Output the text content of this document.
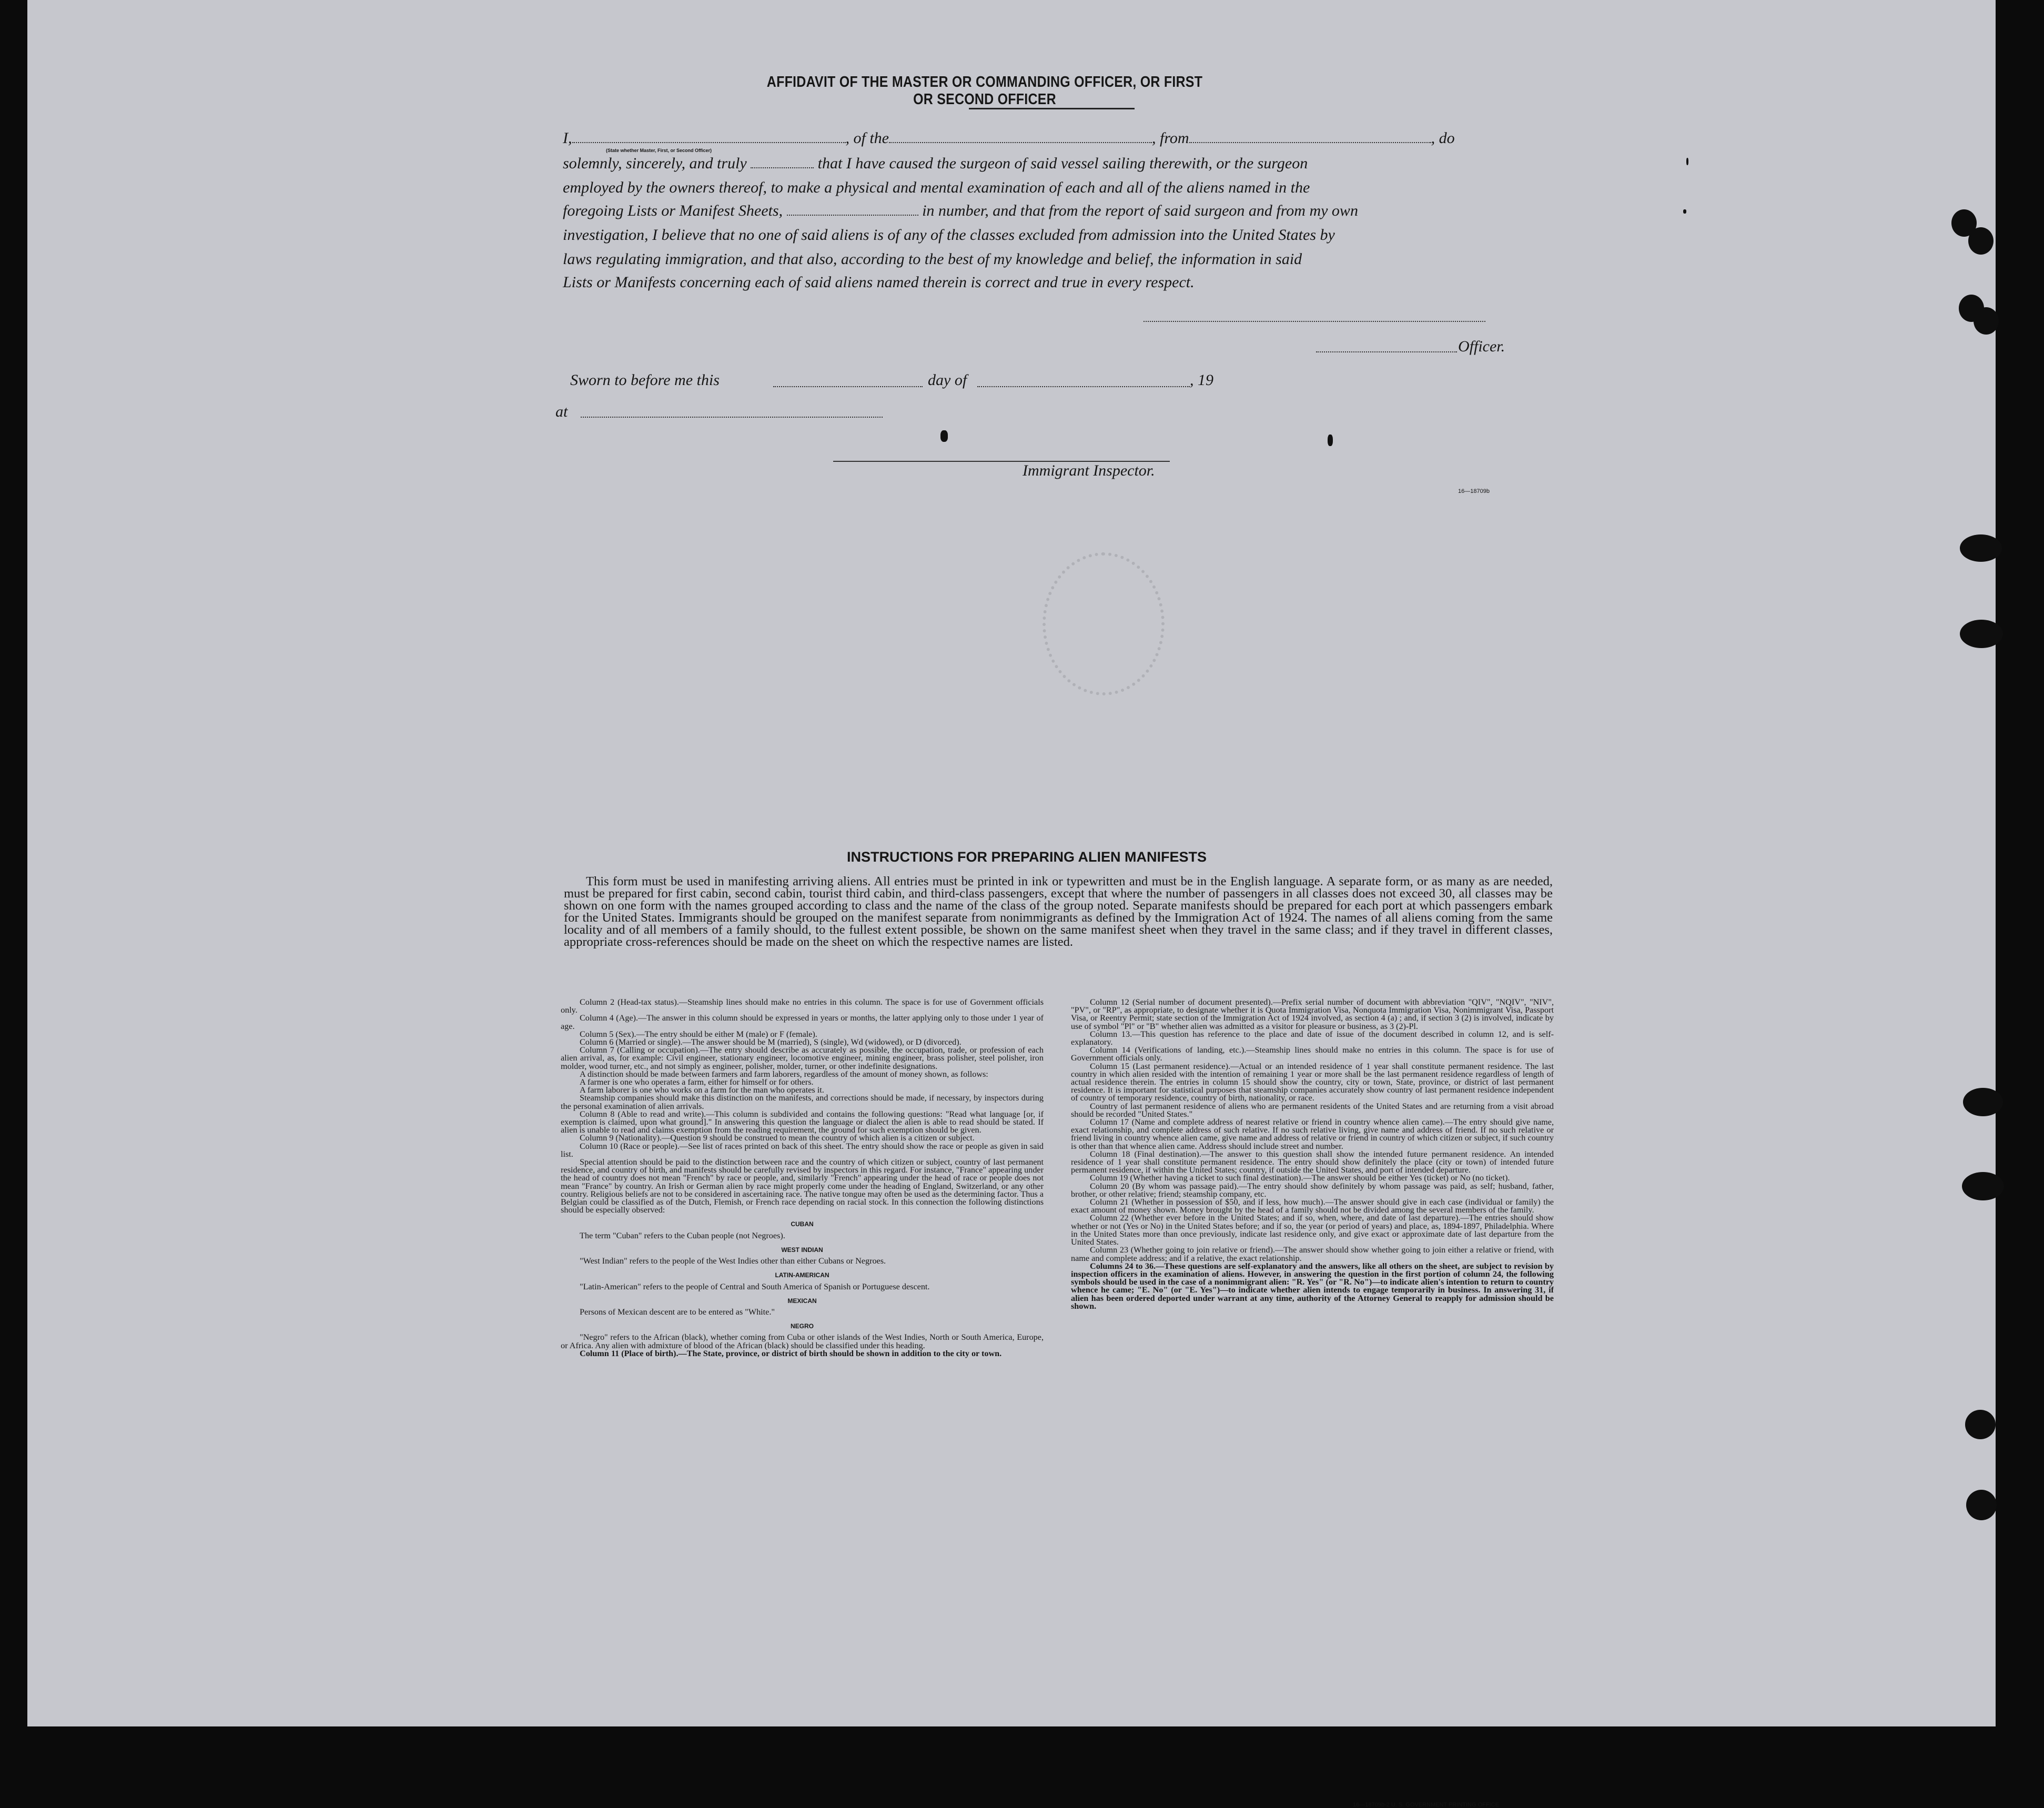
AFFIDAVIT OF THE MASTER OR COMMANDING OFFICER, OR FIRST OR SECOND OFFICER
I,	, of the	, from	, do
(State whether Master, First, or Second Officer)
solemnly, sincerely, and truly	that I have caused the surgeon of said vessel sailing therewith, or the surgeon
employed by the owners thereof, to make a physical and mental examination of each and all of the aliens named in the
foregoing Lists or Manifest Sheets,	in number, and that from the report of said surgeon and from my own
investigation, I believe that no one of said aliens is of any of the classes excluded from admission into the United States by
laws regulating immigration, and that also, according to the best of my knowledge and belief, the information in said
Lists or Manifests concerning each of said aliens named therein is correct and true in every respect.
Officer.
Sworn to before me this	day of	, 19
at
Immigrant Inspector.
16—18709b
INSTRUCTIONS FOR PREPARING ALIEN MANIFESTS

This form must be used in manifesting arriving aliens. All entries must be printed in ink or typewritten and must be in the English language. A separate form, or as many as are needed, must be prepared for first cabin, second cabin, tourist third cabin, and third-class passengers, except that where the number of passengers in all classes does not exceed 30, all classes may be shown on one form with the names grouped according to class and the name of the class of the group noted. Separate manifests should be prepared for each port at which passengers embark for the United States. Immigrants should be grouped on the manifest separate from nonimmigrants as defined by the Immigration Act of 1924. The names of all aliens coming from the same locality and of all members of a family should, to the fullest extent possible, be shown on the same manifest sheet when they travel in the same class; and if they travel in different classes, appropriate cross-references should be made on the sheet on which the respective names are listed.

Column 2 (Head-tax status).—Steamship lines should make no entries in this column. The space is for use of Government officials only.

Column 4 (Age).—The answer in this column should be expressed in years or months, the latter applying only to those under 1 year of age.

Column 5 (Sex).—The entry should be either M (male) or F (female).

Column 6 (Married or single).—The answer should be M (married), S (single), Wd (widowed), or D (divorced).

Column 7 (Calling or occupation).—The entry should describe as accurately as possible, the occupation, trade, or profession of each alien arrival, as, for example: Civil engineer, stationary engineer, locomotive engineer, mining engineer, brass polisher, steel polisher, iron molder, wood turner, etc., and not simply as engineer, polisher, molder, turner, or other indefinite designations.

A distinction should be made between farmers and farm laborers, regardless of the amount of money shown, as follows:

A farmer is one who operates a farm, either for himself or for others.

A farm laborer is one who works on a farm for the man who operates it.

Steamship companies should make this distinction on the manifests, and corrections should be made, if necessary, by inspectors during the personal examination of alien arrivals.

Column 8 (Able to read and write).—This column is subdivided and contains the following questions: "Read what language [or, if exemption is claimed, upon what ground]." In answering this question the language or dialect the alien is able to read should be stated. If alien is unable to read and claims exemption from the reading requirement, the ground for such exemption should be given.

Column 9 (Nationality).—Question 9 should be construed to mean the country of which alien is a citizen or subject.

Column 10 (Race or people).—See list of races printed on back of this sheet. The entry should show the race or people as given in said list.

Special attention should be paid to the distinction between race and the country of which citizen or subject, country of last permanent residence, and country of birth, and manifests should be carefully revised by inspectors in this regard. For instance, "France" appearing under the head of country does not mean "French" by race or people, and, similarly "French" appearing under the head of race or people does not mean "France" by country. An Irish or German alien by race might properly come under the heading of England, Switzerland, or any other country. Religious beliefs are not to be considered in ascertaining race. The native tongue may often be used as the determining factor. Thus a Belgian could be classified as of the Dutch, Flemish, or French race depending on racial stock. In this connection the following distinctions should be especially observed:

CUBAN

The term "Cuban" refers to the Cuban people (not Negroes).

WEST INDIAN

"West Indian" refers to the people of the West Indies other than either Cubans or Negroes.

LATIN-AMERICAN

"Latin-American" refers to the people of Central and South America of Spanish or Portuguese descent.

MEXICAN

Persons of Mexican descent are to be entered as "White."

NEGRO

"Negro" refers to the African (black), whether coming from Cuba or other islands of the West Indies, North or South America, Europe, or Africa. Any alien with admixture of blood of the African (black) should be classified under this heading.

Column 11 (Place of birth).—The State, province, or district of birth should be shown in addition to the city or town.

Column 12 (Serial number of document presented).—Prefix serial number of document with abbreviation "QIV", "NQIV", "NIV", "PV", or "RP", as appropriate, to designate whether it is Quota Immigration Visa, Nonquota Immigration Visa, Nonimmigrant Visa, Passport Visa, or Reentry Permit; state section of the Immigration Act of 1924 involved, as section 4 (a) ; and, if section 3 (2) is involved, indicate by use of symbol "Pl" or "B" whether alien was admitted as a visitor for pleasure or business, as 3 (2)-Pl.

Column 13.—This question has reference to the place and date of issue of the document described in column 12, and is self-explanatory.

Column 14 (Verifications of landing, etc.).—Steamship lines should make no entries in this column. The space is for use of Government officials only.

Column 15 (Last permanent residence).—Actual or an intended residence of 1 year shall constitute permanent residence. The last country in which alien resided with the intention of remaining 1 year or more shall be the last permanent residence regardless of length of actual residence therein. The entries in column 15 should show the country, city or town, State, province, or district of last permanent residence. It is important for statistical purposes that steamship companies accurately show country of last permanent residence independent of country of temporary residence, country of birth, nationality, or race.

Country of last permanent residence of aliens who are permanent residents of the United States and are returning from a visit abroad should be recorded "United States."

Column 17 (Name and complete address of nearest relative or friend in country whence alien came).—The entry should give name, exact relationship, and complete address of such relative. If no such relative living, give name and address of friend. If no such relative or friend living in country whence alien came, give name and address of relative or friend in country of which citizen or subject, if such country is other than that whence alien came. Address should include street and number.

Column 18 (Final destination).—The answer to this question shall show the intended future permanent residence. An intended residence of 1 year shall constitute permanent residence. The entry should show definitely the place (city or town) of intended future permanent residence, if within the United States; country, if outside the United States, and port of intended departure.

Column 19 (Whether having a ticket to such final destination).—The answer should be either Yes (ticket) or No (no ticket).

Column 20 (By whom was passage paid).—The entry should show definitely by whom passage was paid, as self; husband, father, brother, or other relative; friend; steamship company, etc.

Column 21 (Whether in possession of $50, and if less, how much).—The answer should give in each case (individual or family) the exact amount of money shown. Money brought by the head of a family should not be divided among the several members of the family.

Column 22 (Whether ever before in the United States; and if so, when, where, and date of last departure).—The entries should show whether or not (Yes or No) in the United States before; and if so, the year (or period of years) and place, as, 1894-1897, Philadelphia. Where in the United States more than once previously, indicate last residence only, and give exact or approximate date of last departure from the United States.

Column 23 (Whether going to join relative or friend).—The answer should show whether going to join either a relative or friend, with name and complete address; and if a relative, the exact relationship.

Columns 24 to 36.—These questions are self-explanatory and the answers, like all others on the sheet, are subject to revision by inspection officers in the examination of aliens. However, in answering the question in the first portion of column 24, the following symbols should be used in the case of a nonimmigrant alien: "R. Yes" (or "R. No")—to indicate alien's intention to return to country whence he came; "E. No" (or "E. Yes")—to indicate whether alien intends to engage temporarily in business. In answering 31, if alien has been ordered deported under warrant at any time, authority of the Attorney General to reapply for admission should be shown.

16—18709b-2 U. S. GOVERNMENT PRINTING OFFICE
